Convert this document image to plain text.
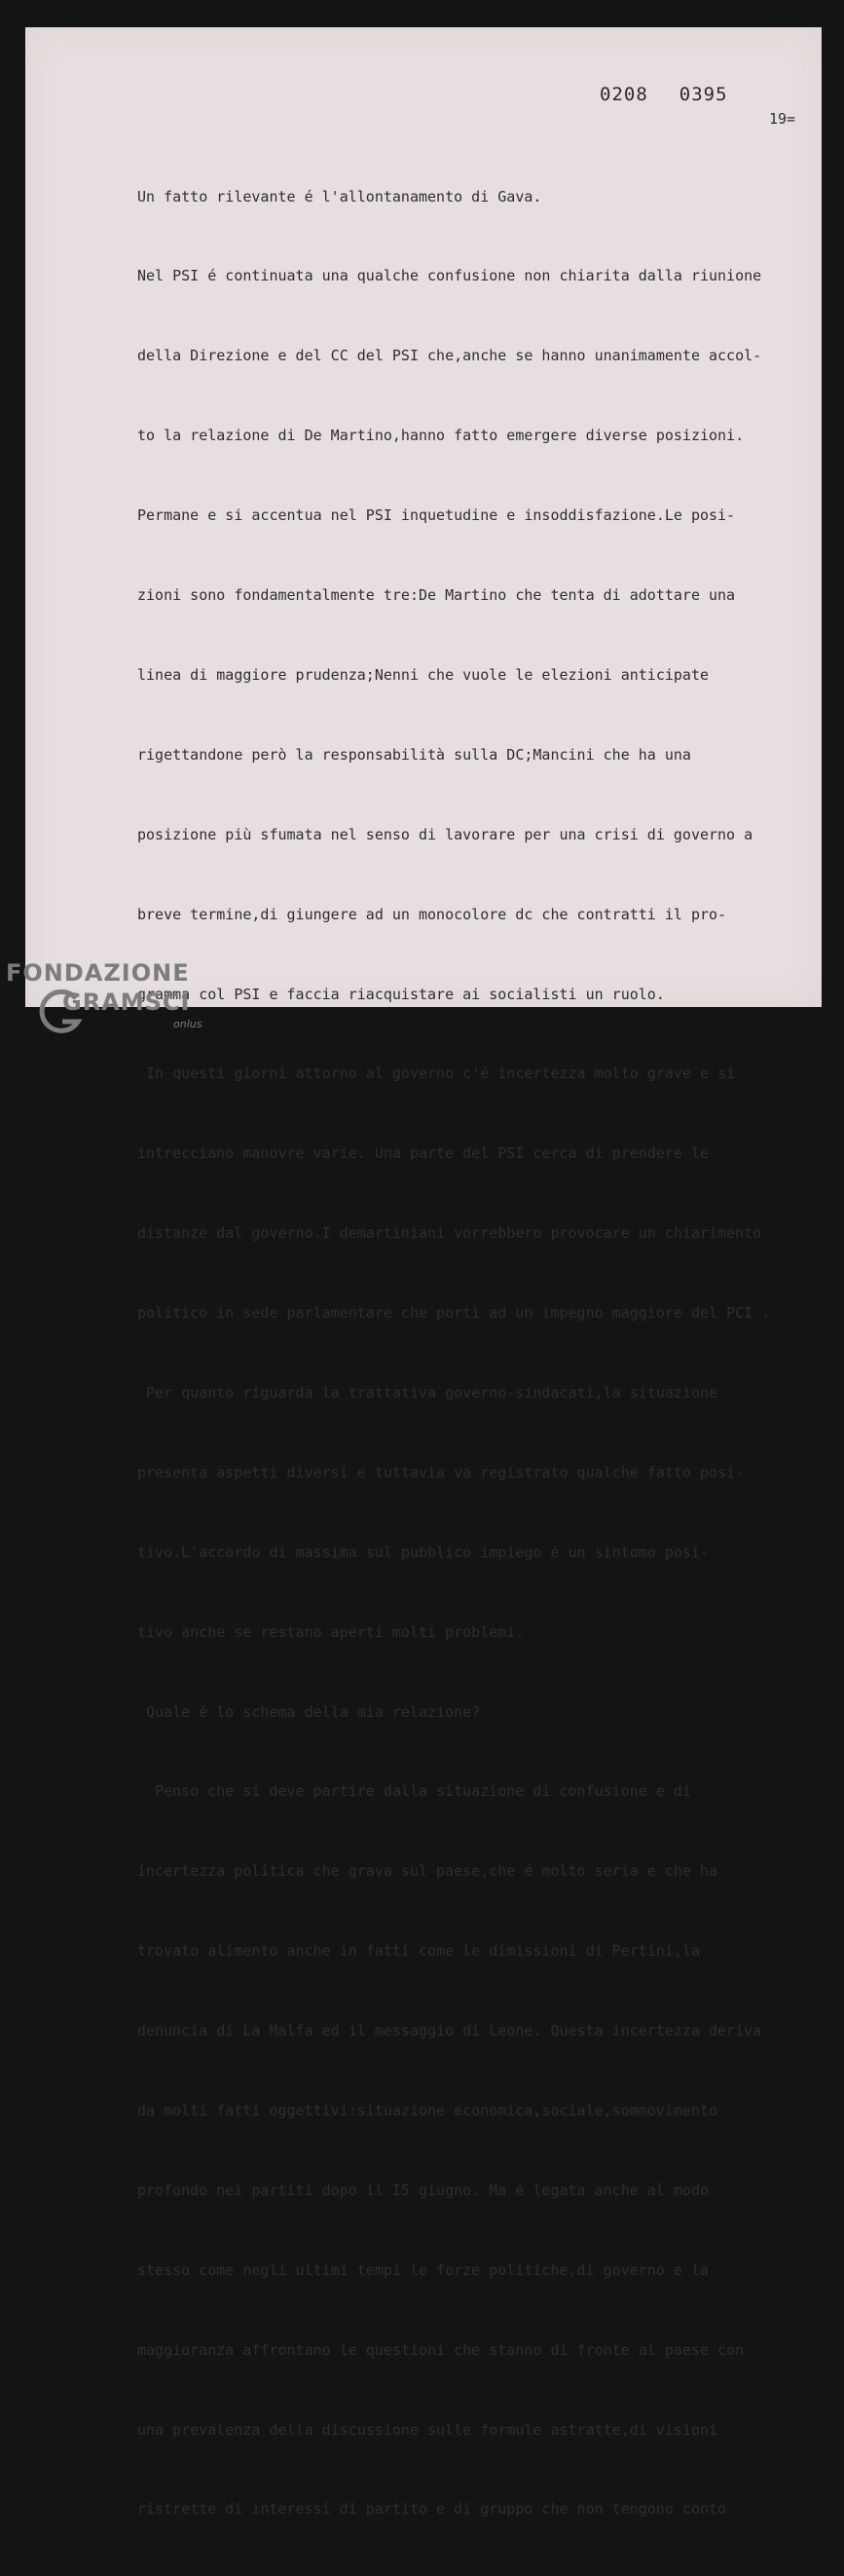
0208 0395
19=

Un fatto rilevante é l'allontanamento di Gava.

Nel PSI é continuata una qualche confusione non chiarita dalla riunione

della Direzione e del CC del PSI che,anche se hanno unanimamente accol-

to la relazione di De Martino,hanno fatto emergere diverse posizioni.

Permane e si accentua nel PSI inquetudine e insoddisfazione.Le posi-

zioni sono fondamentalmente tre:De Martino che tenta di adottare una

linea di maggiore prudenza;Nenni che vuole le elezioni anticipate

rigettandone però la responsabilità sulla DC;Mancini che ha una

posizione più sfumata nel senso di lavorare per una crisi di governo a

breve termine,di giungere ad un monocolore dc che contratti il pro-

gramma col PSI e faccia riacquistare ai socialisti un ruolo.

In questi giorni attorno al governo c'é incertezza molto grave e si

intrecciano manovre varie. Una parte del PSI cerca di prendere le

distanze dal governo.I demartiniani vorrebbero provocare un chiarimento

politico in sede parlamentare che porti ad un impegno maggiore del PCI .

Per quanto riguarda la trattativa governo-sindacati,la situazione

presenta aspetti diversi e tuttavia va registrato qualche fatto posi-

tivo.L'accordo di massima sul pubblico impiego é un sintomo posi-

tivo anche se restano aperti molti problemi.

Quale é lo schema della mia relazione?

Penso che si deve partire dalla situazione di confusione e di

incertezza politica che grava sul paese,che é molto seria e che ha

trovato alimento anche in fatti come le dimissioni di Pertini,la

denuncia di La Malfa ed il messaggio di Leone. Questa incertezza deriva

da molti fatti oggettivi:situazione economica,sociale,sommovimento

profondo nei partiti dopo il I5 giugno. Ma é legata anche al modo

stesso come negli ultimi tempi le forze politiche,di governo e la

maggioranza affrontano le questioni che stanno di fronte al paese con

una prevalenza della discussione sulle formule astratte,di visioni

ristrette di interessi di partito e di gruppo che non tengono conto

FONDAZIONE
GRAMSCI
onlus
